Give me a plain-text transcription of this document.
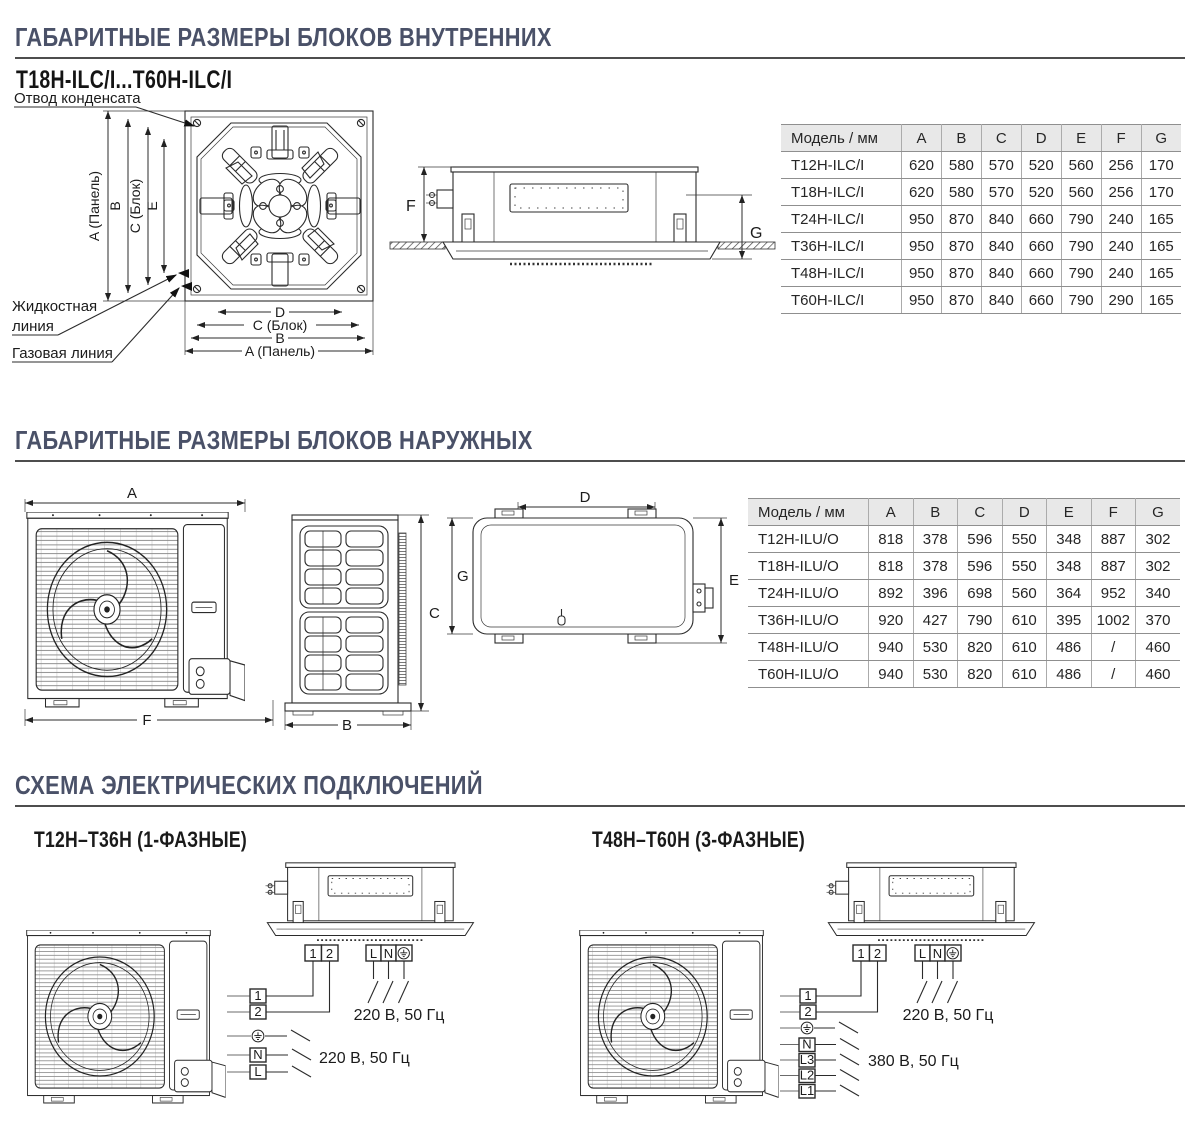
ГАБАРИТНЫЕ РАЗМЕРЫ БЛОКОВ ВНУТРЕННИХ
T18H-ILC/I...T60H-ILC/I
A (Панель) B C (Блок) E
D
C (Блок)
B
A (Панель)
Отвод конденсата
Жидкостная
линия
Газовая линия
F
G
Модель / мм	A	B	C	D	E	F	G
T12H-ILC/I	620	580	570	520	560	256	170
T18H-ILC/I	620	580	570	520	560	256	170
T24H-ILC/I	950	870	840	660	790	240	165
T36H-ILC/I	950	870	840	660	790	240	165
T48H-ILC/I	950	870	840	660	790	240	165
T60H-ILC/I	950	870	840	660	790	290	165
ГАБАРИТНЫЕ РАЗМЕРЫ БЛОКОВ НАРУЖНЫХ
A
F
C
B
D
G	E
Модель / мм	A	B	C	D	E	F	G
T12H-ILU/O	818	378	596	550	348	887	302
T18H-ILU/O	818	378	596	550	348	887	302
T24H-ILU/O	892	396	698	560	364	952	340
T36H-ILU/O	920	427	790	610	395	1002	370
T48H-ILU/O	940	530	820	610	486	/	460
T60H-ILU/O	940	530	820	610	486	/	460
СХЕМА ЭЛЕКТРИЧЕСКИХ ПОДКЛЮЧЕНИЙ
T12H–T36H (1-ФАЗНЫЕ)	T48H–T60H (3-ФАЗНЫЕ)
1 2	L N
1
2	220 В, 50 Гц
N
L
220 В, 50 Гц
1 2	L N
1
2	220 В, 50 Гц
N
L3
L2
L1
380 В, 50 Гц
